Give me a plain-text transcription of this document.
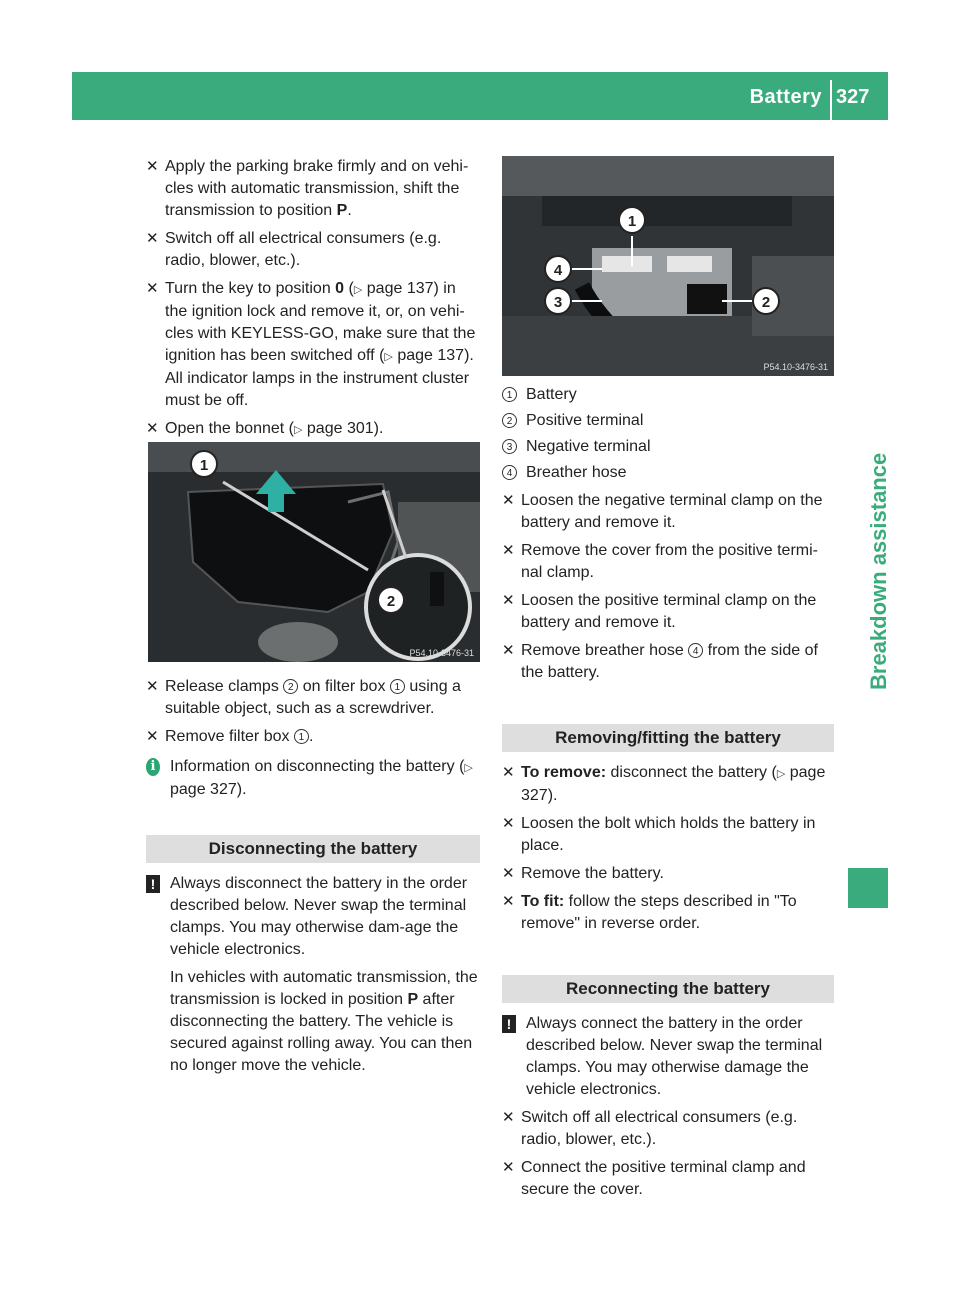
Battery 327
Breakdown assistance
✕ Apply the parking brake firmly and on vehi-cles with automatic transmission, shift the transmission to position P.
✕ Switch off all electrical consumers (e.g. radio, blower, etc.).
✕ Turn the key to position 0 (▷ page 137) in the ignition lock and remove it, or, on vehi-cles with KEYLESS-GO, make sure that the ignition has been switched off (▷ page 137). All indicator lamps in the instrument cluster must be off.
✕ Open the bonnet (▷ page 301).
1
2
P54.10-3476-31
✕ Release clamps 2 on filter box 1 using a suitable object, such as a screwdriver.
✕ Remove filter box 1 .
i Information on disconnecting the battery (▷ page 327).
Disconnecting the battery
! Always disconnect the battery in the order described below. Never swap the terminal clamps. You may otherwise dam-age the vehicle electronics.
In vehicles with automatic transmission, the transmission is locked in position P after disconnecting the battery. The vehicle is secured against rolling away. You can then no longer move the vehicle.
1
2
3
4
P54.10-3476-31
1 Battery
2 Positive terminal
3 Negative terminal
4 Breather hose
✕ Loosen the negative terminal clamp on the battery and remove it.
✕ Remove the cover from the positive termi-nal clamp.
✕ Loosen the positive terminal clamp on the battery and remove it.
✕ Remove breather hose 4 from the side of the battery.
Removing/fitting the battery
✕ To remove: disconnect the battery (▷ page 327).
✕ Loosen the bolt which holds the battery in place.
✕ Remove the battery.
✕ To fit: follow the steps described in "To remove" in reverse order.
Reconnecting the battery
! Always connect the battery in the order described below. Never swap the terminal clamps. You may otherwise damage the vehicle electronics.
✕ Switch off all electrical consumers (e.g. radio, blower, etc.).
✕ Connect the positive terminal clamp and secure the cover.
